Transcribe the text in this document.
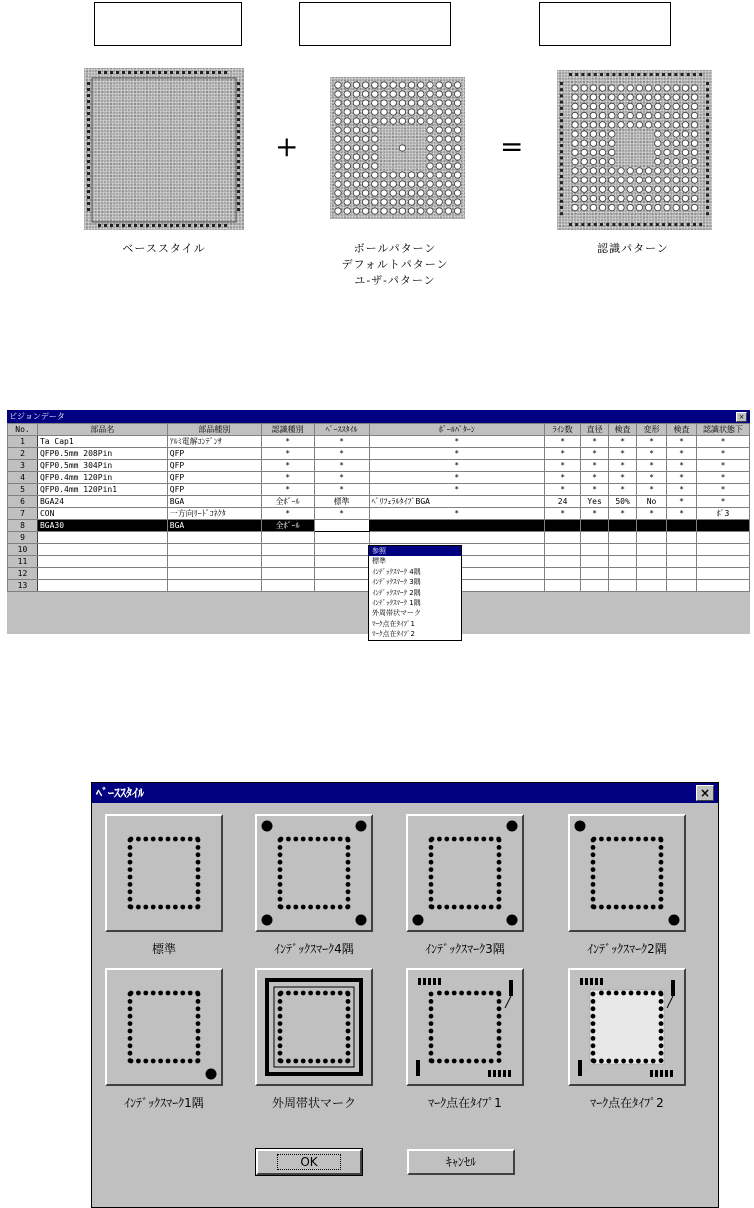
+	=
ベーススタイル	ボールパターン
デフォルトパターン
ユ-ザ-パターン
認識パターン
ビジョンデータ	×
No.	部品名	部品種別	認識種別	ﾍﾞｰｽｽﾀｲﾙ	ﾎﾞｰﾙﾊﾟﾀｰﾝ	ﾗｲﾝ数	直径	検査	変形	検査	認識状態下
1	Ta Cap1	ｱﾙﾐ電解ｺﾝﾃﾞﾝｻ	*	*	*	*	*	*	*	*	*
2	QFP0.5mm 208Pin	QFP	*	*	*	*	*	*	*	*	*
3	QFP0.5mm 304Pin	QFP	*	*	*	*	*	*	*	*	*
4	QFP0.4mm 120Pin	QFP	*	*	*	*	*	*	*	*	*
5	QFP0.4mm 120Pin1	QFP	*	*	*	*	*	*	*	*	*
6	BGA24	BGA	全ﾎﾞｰﾙ	標準	ﾍﾟﾘﾌｪﾗﾙﾀｲﾌﾟBGA	24	Yes	50%	No	*	*
7	CON	一方向ﾘｰﾄﾞｺﾈｸﾀ	*	*	*	*	*	*	*	*	ﾎﾞ3
8	BGA30	BGA	全ﾎﾞｰﾙ								
9											
10											
11											
12											
13											
参照
標準
ｲﾝﾃﾞｯｸｽﾏｰｸ 4隅
ｲﾝﾃﾞｯｸｽﾏｰｸ 3隅
ｲﾝﾃﾞｯｸｽﾏｰｸ 2隅
ｲﾝﾃﾞｯｸｽﾏｰｸ 1隅
外周帯状マーク
ﾏｰｸ点在ﾀｲﾌﾟ1
ﾏｰｸ点在ﾀｲﾌﾟ2
ﾍﾞｰｽｽﾀｲﾙ	×
標準	ｲﾝﾃﾞｯｸｽﾏｰｸ4隅	ｲﾝﾃﾞｯｸｽﾏｰｸ3隅	ｲﾝﾃﾞｯｸｽﾏｰｸ2隅
ｲﾝﾃﾞｯｸｽﾏｰｸ1隅	外周帯状マーク	ﾏｰｸ点在ﾀｲﾌﾟ1	ﾏｰｸ点在ﾀｲﾌﾟ2
OK	ｷｬﾝｾﾙ
